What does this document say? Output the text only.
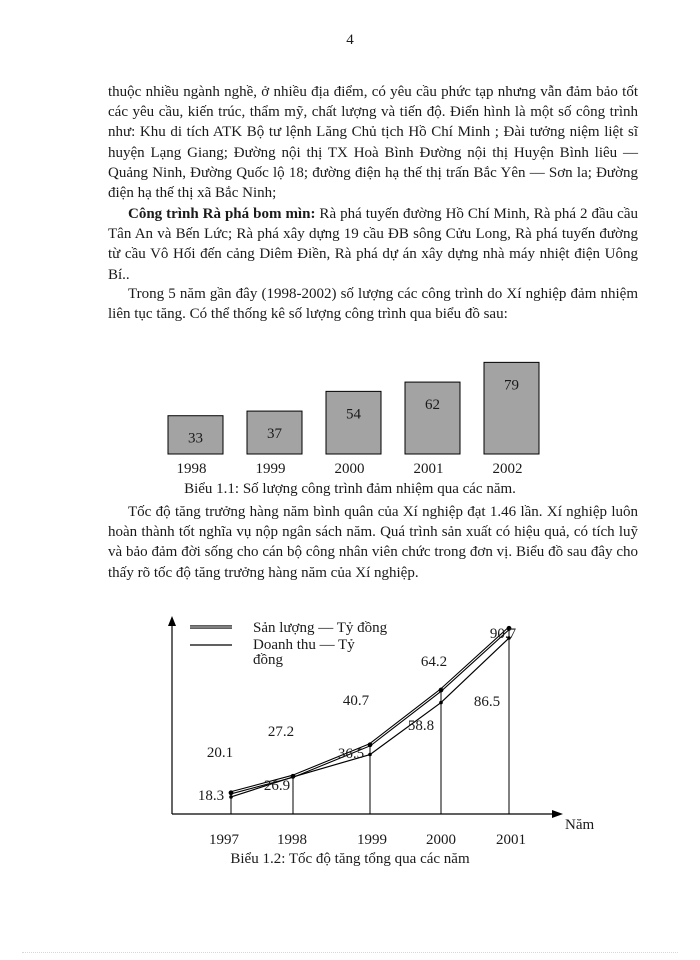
4

thuộc nhiều ngành nghề, ở nhiều địa điểm, có yêu cầu phức tạp nhưng vẫn đảm bảo tốt các yêu cầu, kiến trúc, thẩm mỹ, chất lượng và tiến độ. Điển hình là một số công trình như: Khu di tích ATK Bộ tư lệnh Lăng Chủ tịch Hồ Chí Minh ; Đài tưởng niệm liệt sĩ huyện Lạng Giang; Đường nội thị TX Hoà Bình Đường nội thị Huyện Bình liêu — Quảng Ninh, Đường Quốc lộ 18; đường điện hạ thế thị trấn Bắc Yên — Sơn la; Đường điện hạ thế thị xã Bắc Ninh;

Công trình Rà phá bom mìn: Rà phá tuyến đường Hồ Chí Minh, Rà phá 2 đầu cầu Tân An và Bến Lức; Rà phá xây dựng 19 cầu ĐB sông Cửu Long, Rà phá tuyến đường từ cầu Vô Hối đến cảng Diêm Điền, Rà phá dự án xây dựng nhà máy nhiệt điện Uông Bí..

Trong 5 năm gần đây (1998-2002) số lượng các công trình do Xí nghiệp đảm nhiệm liên tục tăng. Có thể thống kê số lượng công trình qua biểu đồ sau:

33
1998
37
1999
54
2000
62
2001
79
2002

Biểu 1.1: Số lượng công trình đảm nhiệm qua các năm.

Tốc độ tăng trưởng hàng năm bình quân của Xí nghiệp đạt 1.46 lần. Xí nghiệp luôn hoàn thành tốt nghĩa vụ nộp ngân sách năm. Quá trình sản xuất có hiệu quả, có tích luỹ và bảo đảm đời sống cho cán bộ công nhân viên chức trong đơn vị. Biểu đồ sau đây cho thấy rõ tốc độ tăng trưởng hàng năm của Xí nghiệp.

Năm
20.1
27.2
40.7
64.2
90.7
18.3
26.9
36.5
58.8
86.5
1997	1998	1999	2000	2001
Sản lượng — Tỷ đồng
Doanh thu — Tỷ
đồng

Biểu 1.2: Tốc độ tăng tổng qua các năm
